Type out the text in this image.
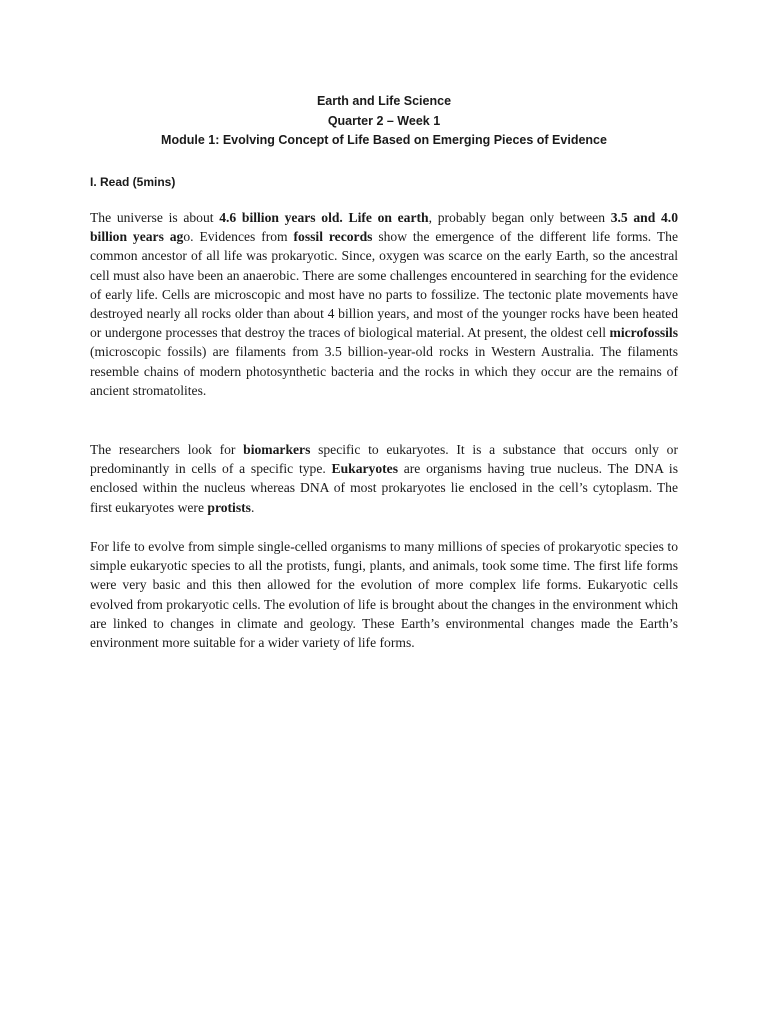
Earth and Life Science
Quarter 2 – Week 1
Module 1: Evolving Concept of Life Based on Emerging Pieces of Evidence
I. Read (5mins)
The universe is about 4.6 billion years old. Life on earth, probably began only between 3.5 and 4.0 billion years ago. Evidences from fossil records show the emergence of the different life forms. The common ancestor of all life was prokaryotic. Since, oxygen was scarce on the early Earth, so the ancestral cell must also have been an anaerobic. There are some challenges encountered in searching for the evidence of early life. Cells are microscopic and most have no parts to fossilize. The tectonic plate movements have destroyed nearly all rocks older than about 4 billion years, and most of the younger rocks have been heated or undergone processes that destroy the traces of biological material. At present, the oldest cell microfossils (microscopic fossils) are filaments from 3.5 billion-year-old rocks in Western Australia. The filaments resemble chains of modern photosynthetic bacteria and the rocks in which they occur are the remains of ancient stromatolites.
The researchers look for biomarkers specific to eukaryotes. It is a substance that occurs only or predominantly in cells of a specific type. Eukaryotes are organisms having true nucleus. The DNA is enclosed within the nucleus whereas DNA of most prokaryotes lie enclosed in the cell’s cytoplasm. The first eukaryotes were protists.
For life to evolve from simple single-celled organisms to many millions of species of prokaryotic species to simple eukaryotic species to all the protists, fungi, plants, and animals, took some time. The first life forms were very basic and this then allowed for the evolution of more complex life forms. Eukaryotic cells evolved from prokaryotic cells. The evolution of life is brought about the changes in the environment which are linked to changes in climate and geology. These Earth’s environmental changes made the Earth’s environment more suitable for a wider variety of life forms.
